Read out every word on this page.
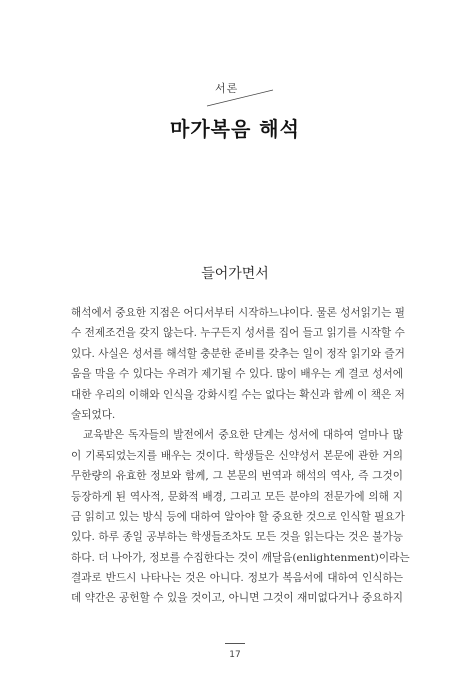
서론
마가복음 해석
들어가면서
해석에서 중요한 지점은 어디서부터 시작하느냐이다. 물론 성서읽기는 필
수 전제조건을 갖지 않는다. 누구든지 성서를 집어 들고 읽기를 시작할 수
있다. 사실은 성서를 해석할 충분한 준비를 갖추는 일이 정작 읽기와 즐거
움을 막을 수 있다는 우려가 제기될 수 있다. 많이 배우는 게 결코 성서에
대한 우리의 이해와 인식을 강화시킬 수는 없다는 확신과 함께 이 책은 저
술되었다.
교육받은 독자들의 발전에서 중요한 단계는 성서에 대하여 얼마나 많
이 기록되었는지를 배우는 것이다. 학생들은 신약성서 본문에 관한 거의
무한량의 유효한 정보와 함께, 그 본문의 번역과 해석의 역사, 즉 그것이
등장하게 된 역사적, 문화적 배경, 그리고 모든 분야의 전문가에 의해 지
금 읽히고 있는 방식 등에 대하여 알아야 할 중요한 것으로 인식할 필요가
있다. 하루 종일 공부하는 학생들조차도 모든 것을 읽는다는 것은 불가능
하다. 더 나아가, 정보를 수집한다는 것이 깨달음(enlightenment)이라는
결과로 반드시 나타나는 것은 아니다. 정보가 복음서에 대하여 인식하는
데 약간은 공헌할 수 있을 것이고, 아니면 그것이 재미없다거나 중요하지
17
